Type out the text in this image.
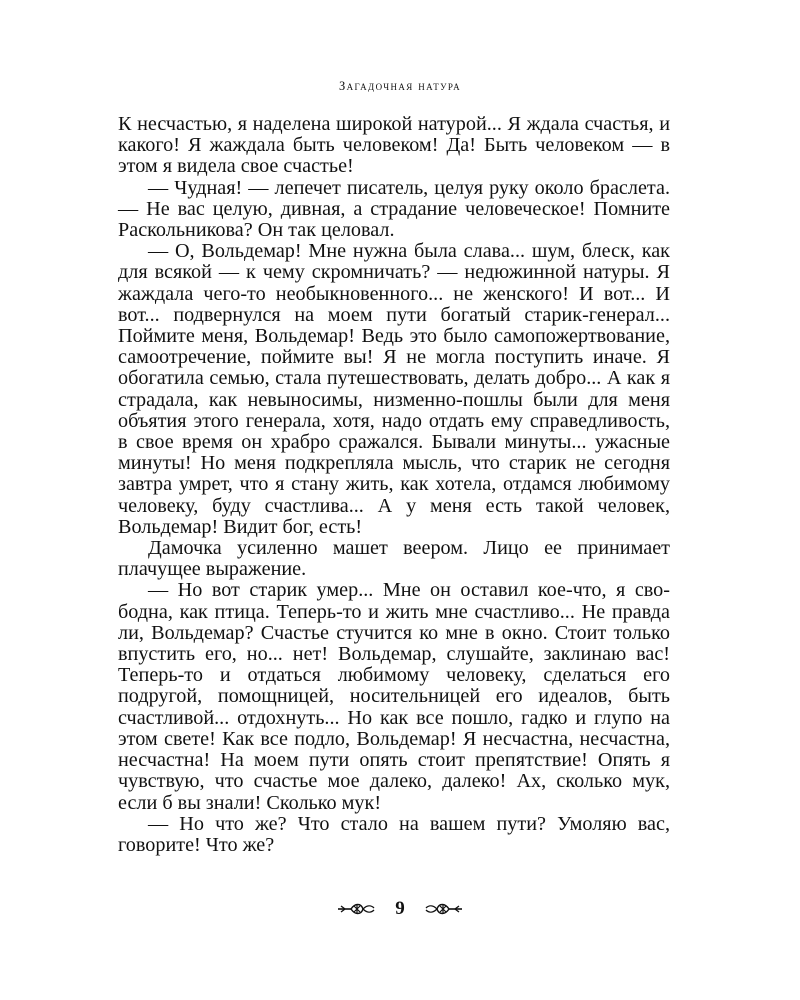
Загадочная натура

К несчастью, я наделена широкой натурой... Я ждала счастья, и какого! Я жаждала быть человеком! Да! Быть человеком — в этом я видела свое счастье!

— Чудная! — лепечет писатель, целуя руку около браслета. — Не вас целую, дивная, а страдание человеческое! Помните Раскольникова? Он так целовал.

— О, Вольдемар! Мне нужна была слава... шум, блеск, как для всякой — к чему скромничать? — недюжинной натуры. Я жаждала чего-то необыкновенного... не женского! И вот... И вот... подвернулся на моем пути богатый старик-генерал... Поймите меня, Вольдемар! Ведь это было самопожертвование, самоотречение, поймите вы! Я не могла поступить иначе. Я обогатила семью, стала путешествовать, делать добро... А как я страдала, как невыносимы, низменно-пошлы были для меня объятия этого генерала, хотя, надо отдать ему справедливость, в свое время он храбро сражался. Бывали минуты... ужасные минуты! Но меня подкрепляла мысль, что старик не сегодня завтра умрет, что я стану жить, как хотела, отдамся любимому человеку, буду счастлива... А у меня есть такой человек, Вольдемар! Видит бог, есть!

Дамочка усиленно машет веером. Лицо ее принимает плачущее выражение.

— Но вот старик умер... Мне он оставил кое-что, я свободна, как птица. Теперь-то и жить мне счастливо... Не правда ли, Вольдемар? Счастье стучится ко мне в окно. Стоит только впустить его, но... нет! Вольдемар, слушайте, заклинаю вас! Теперь-то и отдаться любимому человеку, сделаться его подругой, помощницей, носительницей его идеалов, быть счастливой... отдохнуть... Но как все пошло, гадко и глупо на этом свете! Как все подло, Вольдемар! Я несчастна, несчастна, несчастна! На моем пути опять стоит препятствие! Опять я чувствую, что счастье мое далеко, далеко! Ах, сколько мук, если б вы знали! Сколько мук!

— Но что же? Что стало на вашем пути? Умоляю вас, говорите! Что же?

9
